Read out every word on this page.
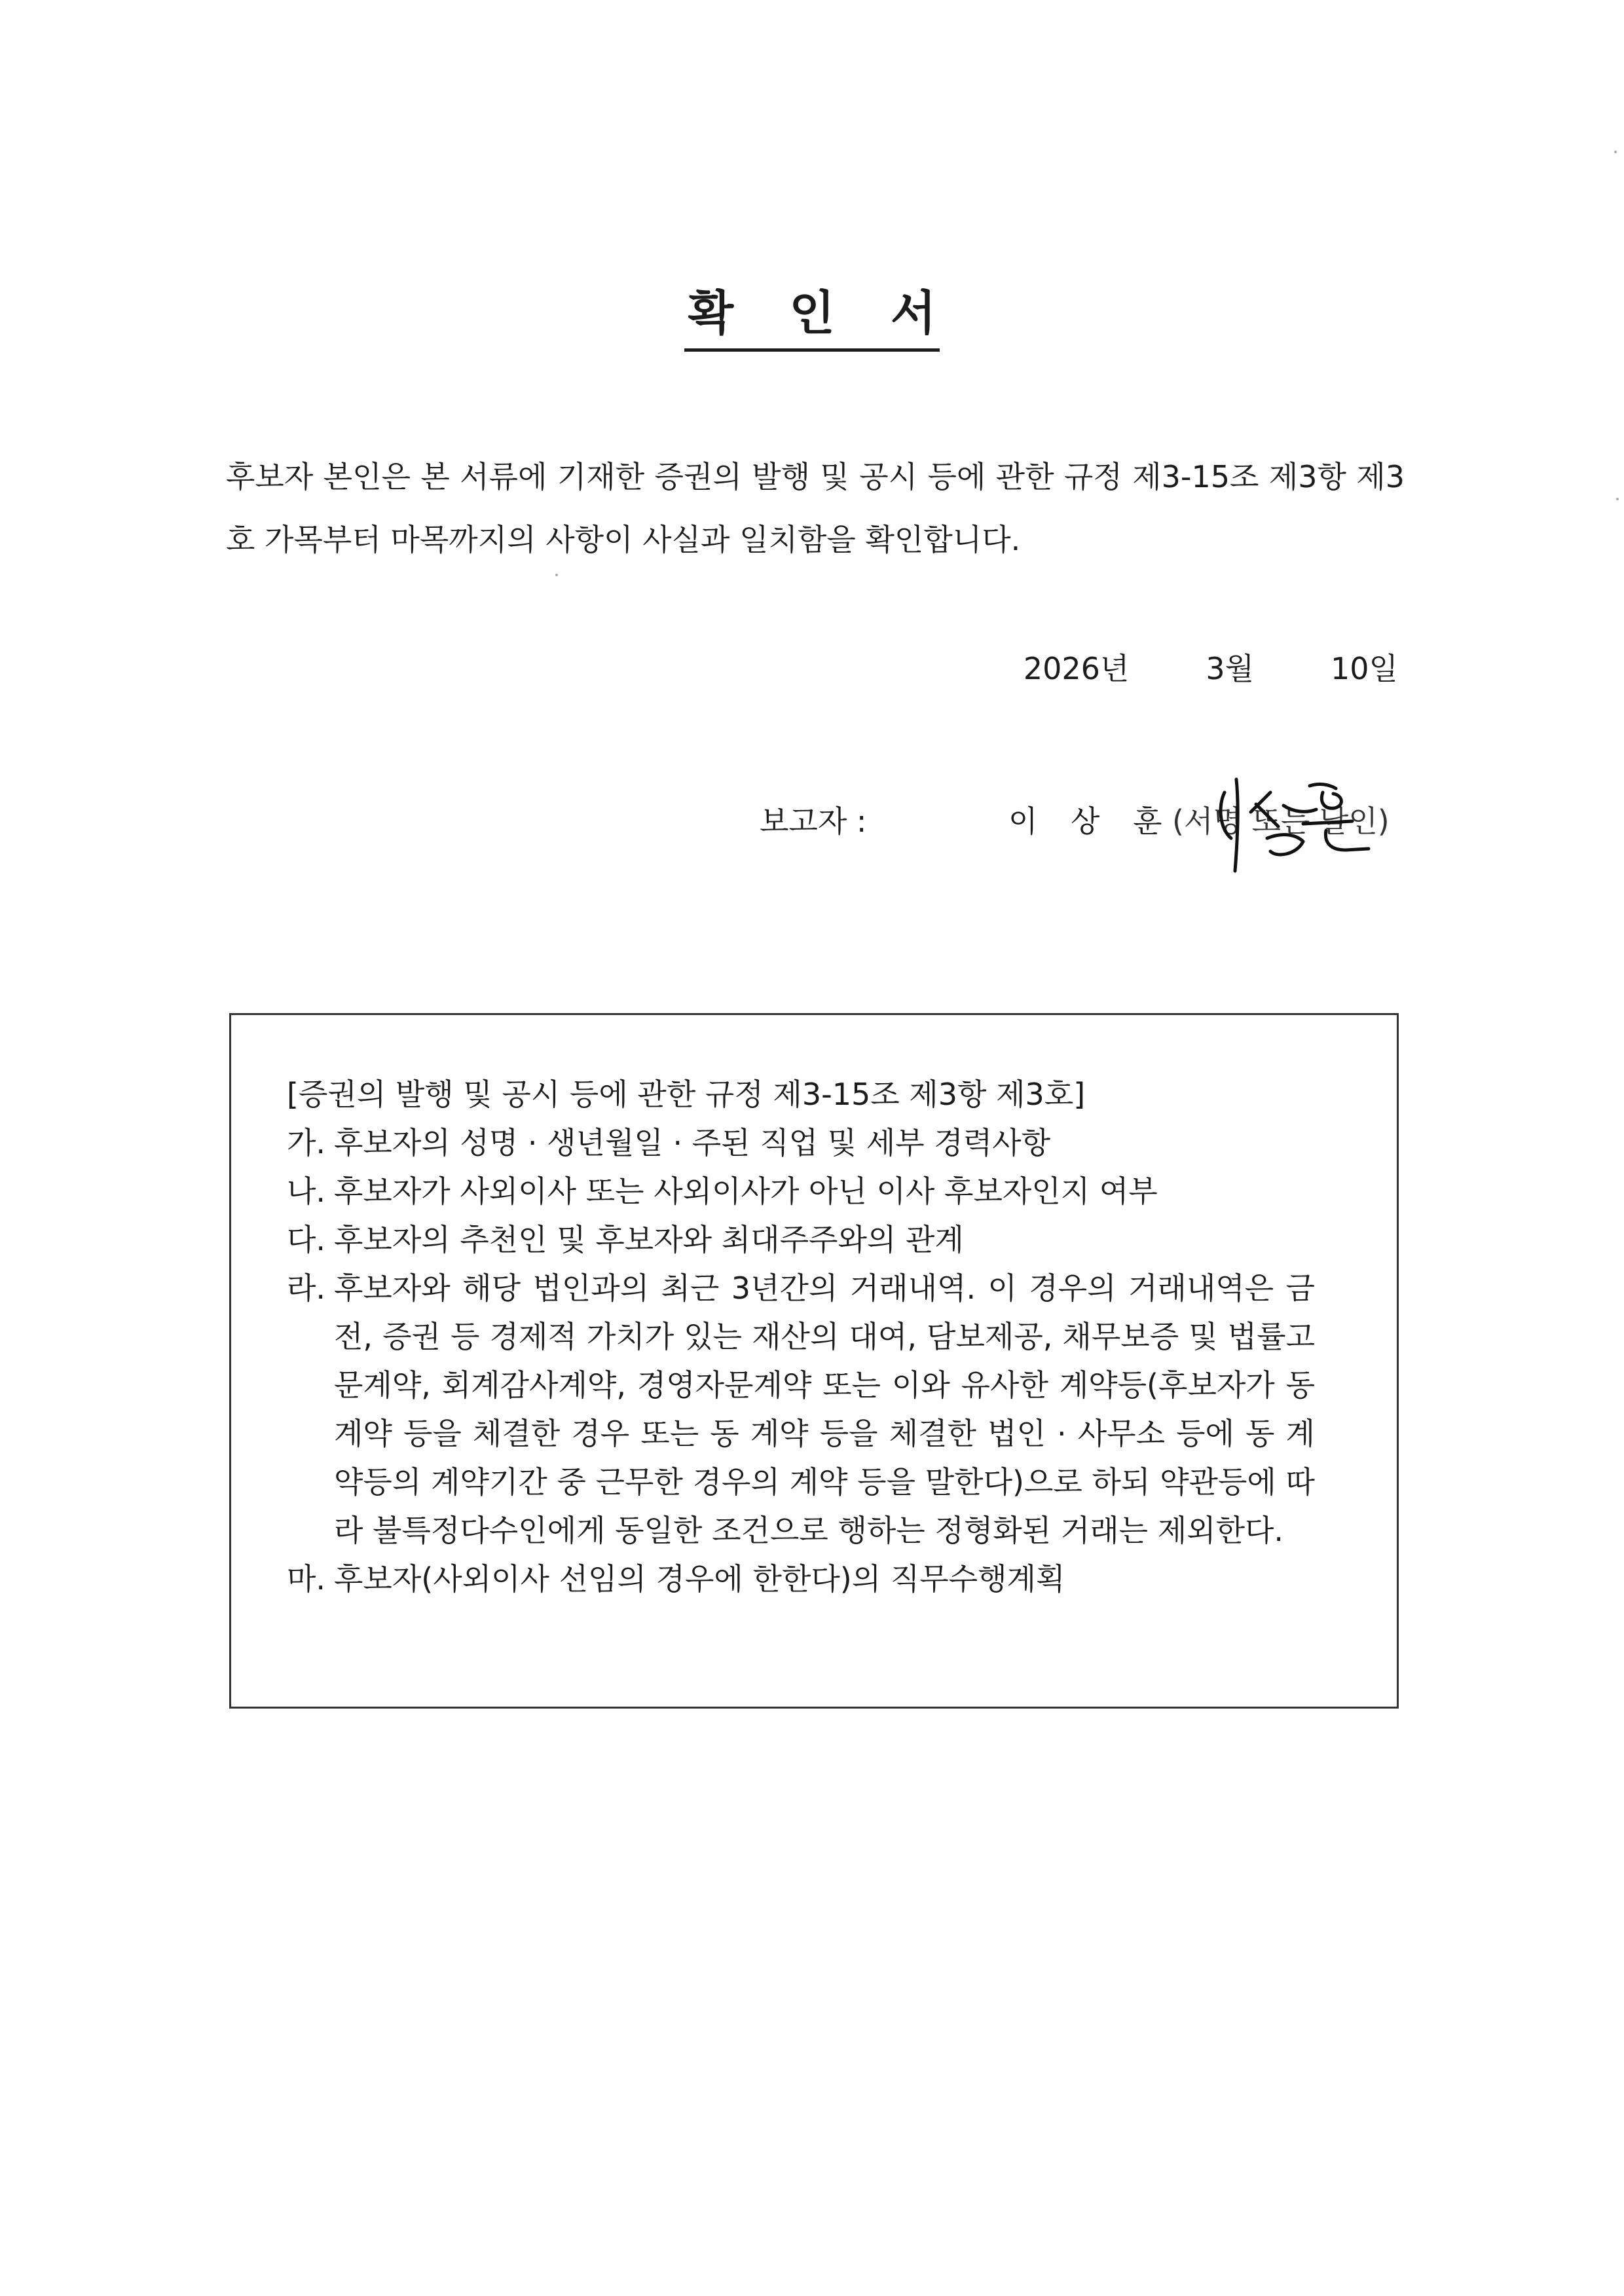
확 인 서
후보자 본인은 본 서류에 기재한 증권의 발행 및 공시 등에 관한 규정 제3-15조 제3항 제3호 가목부터 마목까지의 사항이 사실과 일치함을 확인합니다.
2026년	3월	10일
보고자 :	이 상 훈
(서명 또는 날인)
[증권의 발행 및 공시 등에 관한 규정 제3-15조 제3항 제3호]
가. 후보자의 성명 · 생년월일 · 주된 직업 및 세부 경력사항
나. 후보자가 사외이사 또는 사외이사가 아닌 이사 후보자인지 여부
다. 후보자의 추천인 및 후보자와 최대주주와의 관계
라. 후보자와 해당 법인과의 최근 3년간의 거래내역. 이 경우의 거래내역은 금전, 증권 등 경제적 가치가 있는 재산의 대여, 담보제공, 채무보증 및 법률고문계약, 회계감사계약, 경영자문계약 또는 이와 유사한 계약등(후보자가 동 계약 등을 체결한 경우 또는 동 계약 등을 체결한 법인 · 사무소 등에 동 계약등의 계약기간 중 근무한 경우의 계약 등을 말한다)으로 하되 약관등에 따라 불특정다수인에게 동일한 조건으로 행하는 정형화된 거래는 제외한다.
마. 후보자(사외이사 선임의 경우에 한한다)의 직무수행계획
